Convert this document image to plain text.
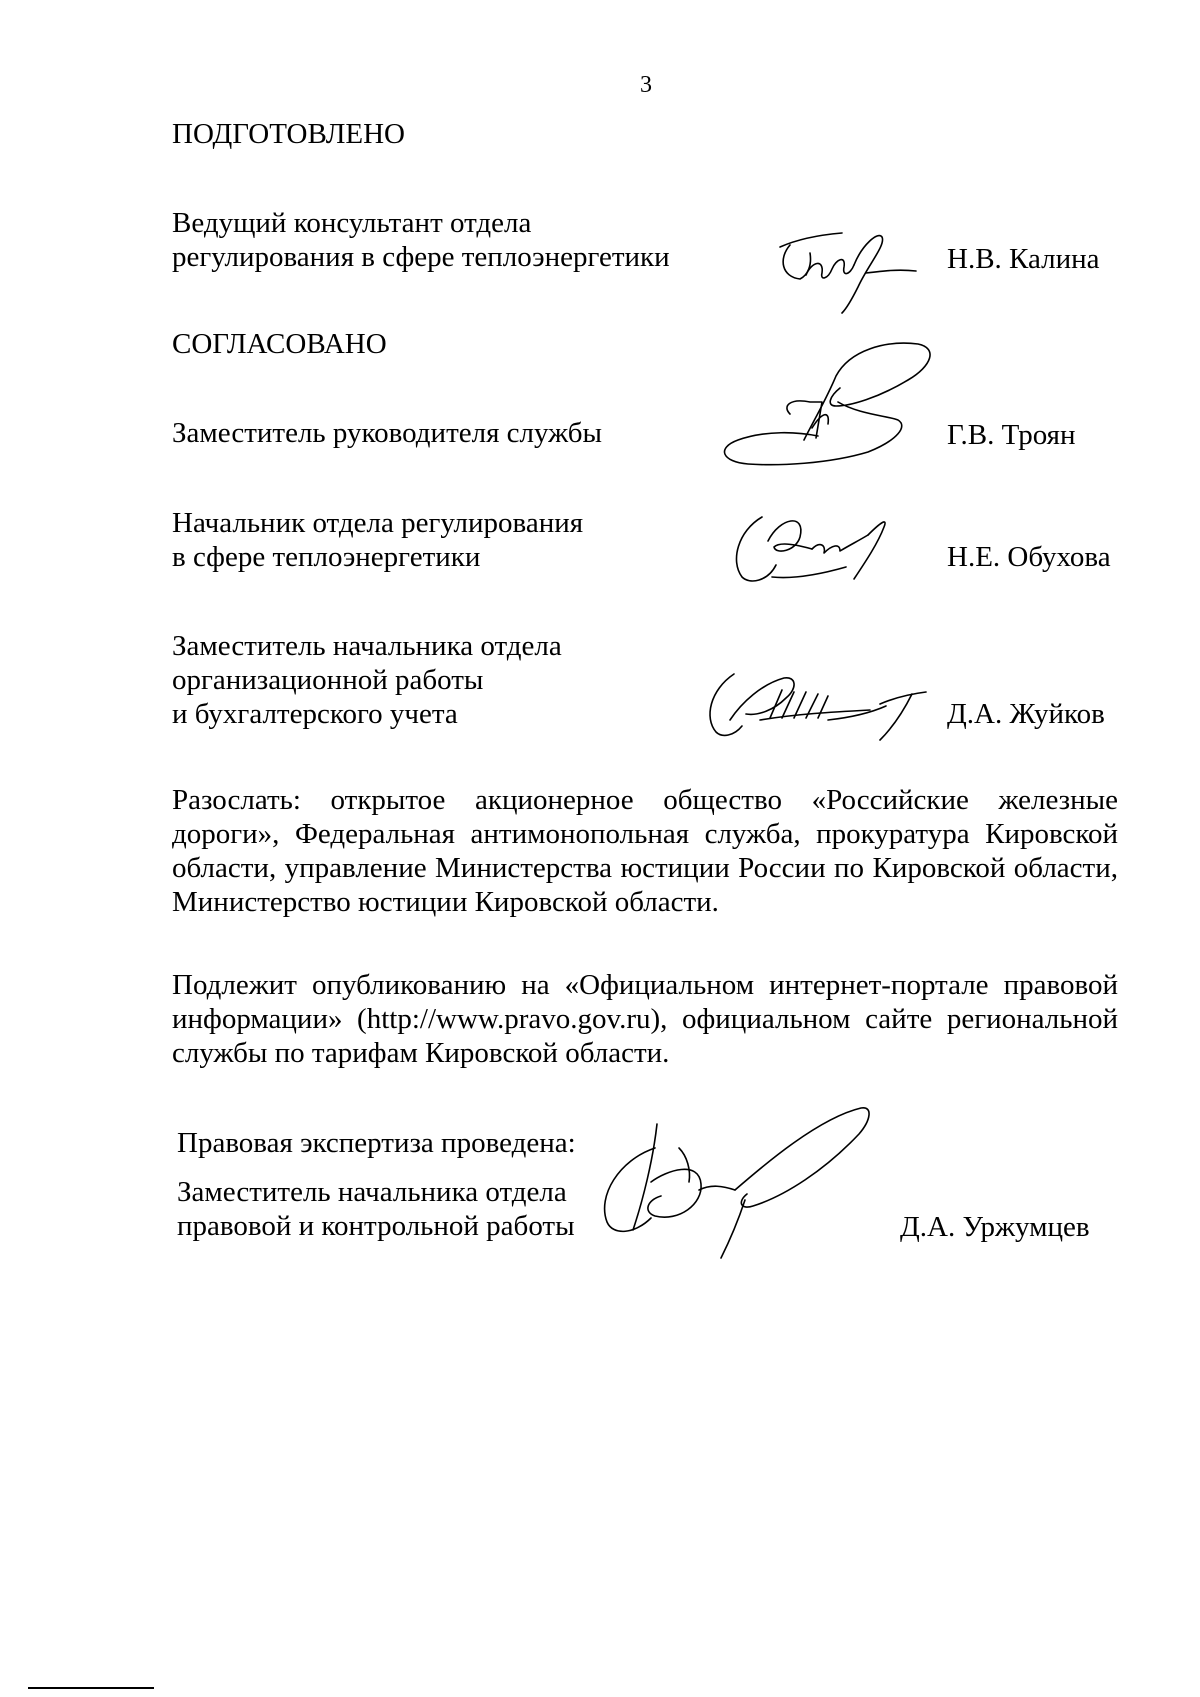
3
ПОДГОТОВЛЕНО
Ведущий консультант отдела
регулирования в сфере теплоэнергетики	Н.В. Калина
СОГЛАСОВАНО
Заместитель руководителя службы	Г.В. Троян
Начальник отдела регулирования
в сфере теплоэнергетики	Н.Е. Обухова
Заместитель начальника отдела
организационной работы
и бухгалтерского учета	Д.А. Жуйков
Разослать: открытое акционерное общество «Российские железные дороги», Федеральная антимонопольная служба, прокуратура Кировской области, управление Министерства юстиции России по Кировской области, Министерство юстиции Кировской области.
Подлежит опубликованию на «Официальном интернет-портале правовой информации» (http://www.pravo.gov.ru), официальном сайте региональной службы по тарифам Кировской области.
Правовая экспертиза проведена:
Заместитель начальника отдела
правовой и контрольной работы	Д.А. Уржумцев
